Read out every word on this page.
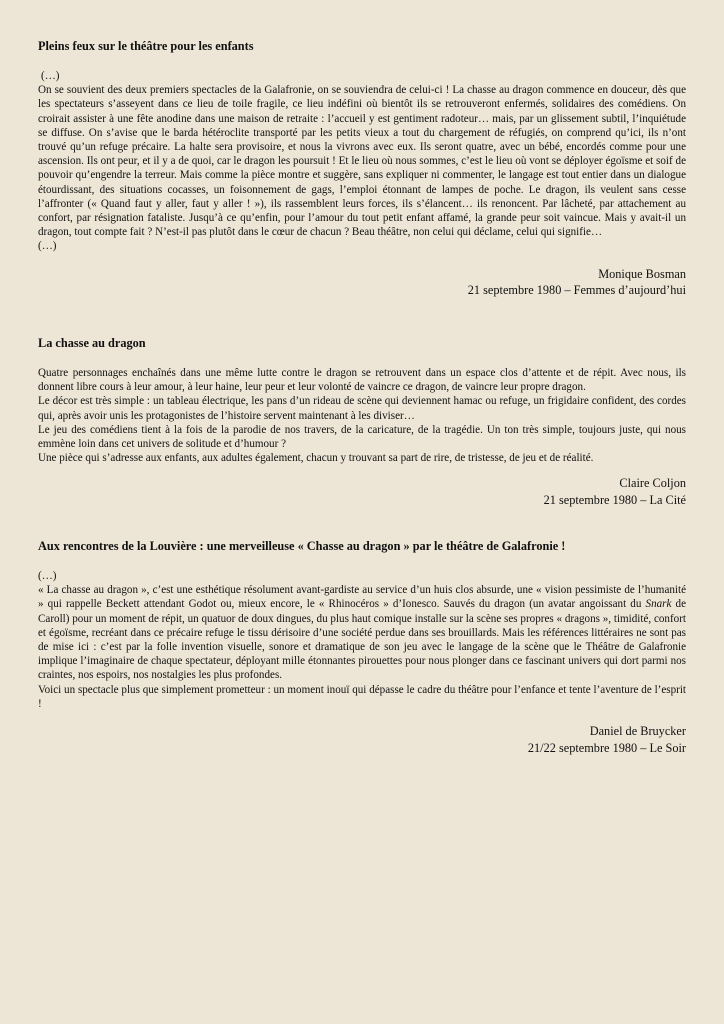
Pleins feux sur le théâtre pour les enfants

(…)

On se souvient des deux premiers spectacles de la Galafronie, on se souviendra de celui-ci ! La chasse au dragon commence en douceur, dès que les spectateurs s’asseyent dans ce lieu de toile fragile, ce lieu indéfini où bientôt ils se retrouveront enfermés, solidaires des comédiens. On croirait assister à une fête anodine dans une maison de retraite : l’accueil y est gentiment radoteur… mais, par un glissement subtil, l’inquiétude se diffuse. On s’avise que le barda hétéroclite transporté par les petits vieux a tout du chargement de réfugiés, on comprend qu’ici, ils n’ont trouvé qu’un refuge précaire. La halte sera provisoire, et nous la vivrons avec eux. Ils seront quatre, avec un bébé, encordés comme pour une ascension. Ils ont peur, et il y a de quoi, car le dragon les poursuit ! Et le lieu où nous sommes, c’est le lieu où vont se déployer égoïsme et soif de pouvoir qu’engendre la terreur. Mais comme la pièce montre et suggère, sans expliquer ni commenter, le langage est tout entier dans un dialogue étourdissant, des situations cocasses, un foisonnement de gags, l’emploi étonnant de lampes de poche. Le dragon, ils veulent sans cesse l’affronter (« Quand faut y aller, faut y aller ! »), ils rassemblent leurs forces, ils s’élancent… ils renoncent. Par lâcheté, par attachement au confort, par résignation fataliste. Jusqu’à ce qu’enfin, pour l’amour du tout petit enfant affamé, la grande peur soit vaincue. Mais y avait-il un dragon, tout compte fait ? N’est-il pas plutôt dans le cœur de chacun ? Beau théâtre, non celui qui déclame, celui qui signifie…

(…)

Monique Bosman

21 septembre 1980 – Femmes d’aujourd’hui

La chasse au dragon

Quatre personnages enchaînés dans une même lutte contre le dragon se retrouvent dans un espace clos d’attente et de répit. Avec nous, ils donnent libre cours à leur amour, à leur haine, leur peur et leur volonté de vaincre ce dragon, de vaincre leur propre dragon.

Le décor est très simple : un tableau électrique, les pans d’un rideau de scène qui deviennent hamac ou refuge, un frigidaire confident, des cordes qui, après avoir unis les protagonistes de l’histoire servent maintenant à les diviser…

Le jeu des comédiens tient à la fois de la parodie de nos travers, de la caricature, de la tragédie. Un ton très simple, toujours juste, qui nous emmène loin dans cet univers de solitude et d’humour ?

Une pièce qui s’adresse aux enfants, aux adultes également, chacun y trouvant sa part de rire, de tristesse, de jeu et de réalité.

Claire Coljon

21 septembre 1980 – La Cité

Aux rencontres de la Louvière : une merveilleuse « Chasse au dragon » par le théâtre de Galafronie !

(…)

« La chasse au dragon », c’est une esthétique résolument avant-gardiste au service d’un huis clos absurde, une « vision pessimiste de l’humanité » qui rappelle Beckett attendant Godot ou, mieux encore, le « Rhinocéros » d’Ionesco. Sauvés du dragon (un avatar angoissant du Snark de Caroll) pour un moment de répit, un quatuor de doux dingues, du plus haut comique installe sur la scène ses propres « dragons », timidité, confort et égoïsme, recréant dans ce précaire refuge le tissu dérisoire d’une société perdue dans ses brouillards. Mais les références littéraires ne sont pas de mise ici : c’est par la folle invention visuelle, sonore et dramatique de son jeu avec le langage de la scène que le Théâtre de Galafronie implique l’imaginaire de chaque spectateur, déployant mille étonnantes pirouettes pour nous plonger dans ce fascinant univers qui dort parmi nos craintes, nos espoirs, nos nostalgies les plus profondes.

Voici un spectacle plus que simplement prometteur : un moment inouï qui dépasse le cadre du théâtre pour l’enfance et tente l’aventure de l’esprit !

Daniel de Bruycker

21/22 septembre 1980 – Le Soir
